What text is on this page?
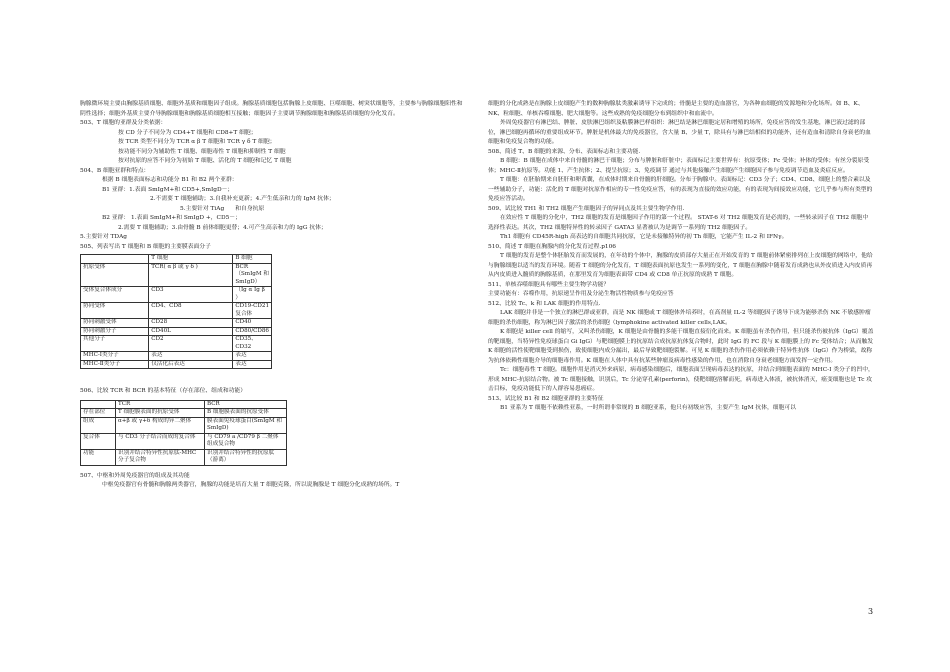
胸腺微环境主要由胸腺基质细胞、细胞外基质和细胞因子组成。胸腺基质细胞包括胸腺上皮细胞、巨噬细胞、树突状细胞等，主要参与胸腺细胞阳性和阴性选择；细胞外基质主要介导胸腺细胞和胸腺基质细胞相互接触；细胞因子主要调节胸腺细胞和胸腺基质细胞的分化发育。

503、T 细胞的亚群及分类依据：

按 CD 分子不同分为 CD4+T 细胞和 CD8+T 细胞；

按 TCR 类型不同分为 TCR α β T 细胞和 TCR γ δ T 细胞；

按功能不同分为辅助性 T 细胞、细胞毒性 T 细胞和抑制性 T 细胞

按对抗原的应答不同分为初始 T 细胞、活化的 T 细胞和记忆 T 细胞

504、B 细胞亚群和特点：

根据 B 细胞表面标志和功能分 B1 和 B2 两个亚群：

B1 亚群：1.表面 SmIgM+和 CD5+,SmIgD－；

2.不需要 T 细胞辅助；3.自我补充更新；4.产生低亲和力的 IgM 抗体；

5.主要针对 TiAg 和自身抗原

B2 亚群： 1.表面 SmIgM+和 SmIgD +，CD5－；

2.需要 T 细胞辅助；3.由骨髓 B 前体细胞更替；4.可产生高亲和力的 IgG 抗体；

5.主要针对 TDAg

505、列表写出 T 细胞和 B 细胞的主要膜表面分子

	T 细胞	B 细胞
抗原受体	TCR( α β 或 γ δ )	BCR（SmIgM 和 SmIgD）
受体复合体成分	CD3	（Ig α Ig β ）
协同受体	CD4、CD8	CD19-CD21 复合体
协同刺激受体	CD28	CD40
协同刺激分子	CD40L	CD80/CD86
其他分子	CD2	CD35、CD32
MHC-Ⅰ类分子	表达	表达
MHC-Ⅱ类分子	仅活化后表达	表达

506、比较 TCR 和 BCR 的基本特征（存在部位、组成和功能）

	TCR	BCR
存在部位	T 细胞膜表面的抗原受体	B 细胞膜表面的抗原受体
组成	α+β 或 γ+δ 构成的异二聚体	膜表面免疫球蛋白(SmIgM 和 SmIgD)
复合体	与 CD3 分子结合而成的复合体	与 CD79 a /CD79 β 二聚体组成复合物
功能	识别并结合特异性抗原肽-MHC 分子复合物	识别并结合特异性的抗原肽（游离）

507、中枢和外周免疫器官的组成及其功能

中枢免疫器官有骨髓和胸腺两类器官，胸腺的功能是培育大量 T 细胞克隆，所以说胸腺是 T 细胞分化成熟的场所。T

细胞的分化成熟是在胸腺上皮细胞产生的数种胸腺肽类激素诱导下完成的；骨髓是主要的造血器官，为各种血细胞的发源地和分化场所。如 B、K、NK、粒细胞、单核吞噬细胞、肥大细胞等。这些成熟的免疫细胞分布到组织中和血流中。

外周免疫器官有淋巴结、脾脏、皮肤淋巴组织及粘膜淋巴样组织：淋巴结是淋巴细胞定居和增殖的场所，免疫应答的发生基地，淋巴液过滤的部位，淋巴细胞再循环的重要组成环节。脾脏是机体最大的免疫器官，含大量 B、少量 T，除具有与淋巴结相似的功能外，还有造血和清除自身衰老的血细胞和免疫复合物的功能。

508、简述 T、B 细胞的来源、分布、表面标志和主要功能.

B 细胞：B 细胞在成体中来自骨髓的淋巴干细胞；分布与脾脏和肝脏中；表面标记主要世界有：抗原受体；Fc 受体；补体的受体；有丝分裂原受体；MHC-Ⅱ抗原等。功能 1、产生抗体；2、提呈抗原；3、免疫调节 通过与其他接触产生细胞产生细胞因子参与免疫调节造血及炎症反应。

T 细胞：在胚胎期来自胚肝和卵黄囊，在成体时期来自骨髓的肝细胞。分布于胸腺中。表面标记：CD3 分子；CD4、CD8、细胞上的整合素以及一些辅助分子，功能：活化的 T 细胞对抗原作相应的专一性免疫应答，有的表现为直接的效应功能，有的表现为间接效应功能，它几乎参与所有类型的免疫应答活动。

509、试比较 TH1 和 TH2 细胞产生细胞因子的异同点及其主要生物学作用.

在效应性 T 细胞的分化中，TH2 细胞的发育是细胞因子作用的第一个过程。 STAT-6 对 TH2 细胞发育是必需的，一些转录因子在 TH2 细胞中选择性表达。其次，TH2 细胞特异性的转录因子 GATA3 显著被认为是调节一系列的 TH2 细胞因子。

Th1 细胞有 CD45R-high 高表达的自细胞共同抗原，它是未接触特异的初 Th 细胞，它能产生 IL-2 和 IFNγ。

510、简述 T 细胞在胸腺内的分化发育过程.p106

T 细胞的发育是整个体胚胎发育而发展的，在年幼的个体中，胸腺的皮质部存大量正在开始发育的 T 细胞前体紧密排列在上皮细胞的网络中，他给与胸腺细胞以适当的发育环境。随着 T 细胞的分化发育，T 细胞表面抗原也发生一系列的变化，T 细胞在胸腺中随着发育成熟也从外皮质进入内皮质再从内皮质进入髓质的胸腺基质，在那里发育为细胞表面带 CD4 或 CD8 单正抗原的成熟 T 细胞。

511、单核吞噬细胞具有哪些主要生物学功能？

主要功能有：吞噬作用，抗原递呈作用及分泌生物活性物质参与免疫应答

512、比较 Tc、k 和 LAK 细胞的作用特点.

LAK 细胞并非是一个独立的淋巴群或亚群，而是 NK 细胞或 T 细胞体外培养时，在高剂量 IL-2 等细胞因子诱导下成为能够杀伤 NK 不敏感肿瘤细胞的杀伤细胞，称为淋巴因子激活的杀伤细胞（lymphokine activated killer cells,LAK。

K 细胞是 killer cell 的缩写，又叫杀伤细胞，K 细胞是由骨髓的多能干细胞直接衍化而来。K 细胞虽有杀伤作用，但只能杀伤被抗体（IgG）覆盖的靶细胞，当特异性免疫球蛋白 Gi IgG）与靶细胞膜上的抗原结合成抗原抗体复合物时，此时 IgG 的 FC 段与 K 细胞膜上的 Fc 受体结合；从而触发 K 细胞的活性使靶细胞受到损伤，致使细胞内成分漏出，最后导致靶细胞裂解。可见 K 细胞的杀伤作用必须依赖于特异性抗体（IgG）作为桥梁，故称为抗体依赖性细胞介导的细胞毒作用。K 细胞在人体中具有抗某些肿瘤及病毒性感染的作用，也在消除自身衰老细胞方面发挥一定作用。

Tc：细胞毒性 T 细胞。细胞作用是消灭外来病原，病毒感染细胞后，细胞表面呈现病毒表达的抗原，并结合到细胞表面的 MHC-I 类分子的凹中，形成 MHC-抗原结合物。被 Tc 细胞接触，识别后，Tc 分泌穿孔素(perforin)，使靶细胞溶解而死，病毒进入体液，被抗体消灭，癌变细胞也是 Tc 攻击目标，免疫功能低下的人群容易患癌症。

513、试比较 B1 和 B2 细胞亚群的主要特征

B1 亚系为 T 细胞不依赖性亚系，一时所谓非常规的 B 细胞亚系，他只有初级应答，主要产生 IgM 抗体，细胞可以

3
